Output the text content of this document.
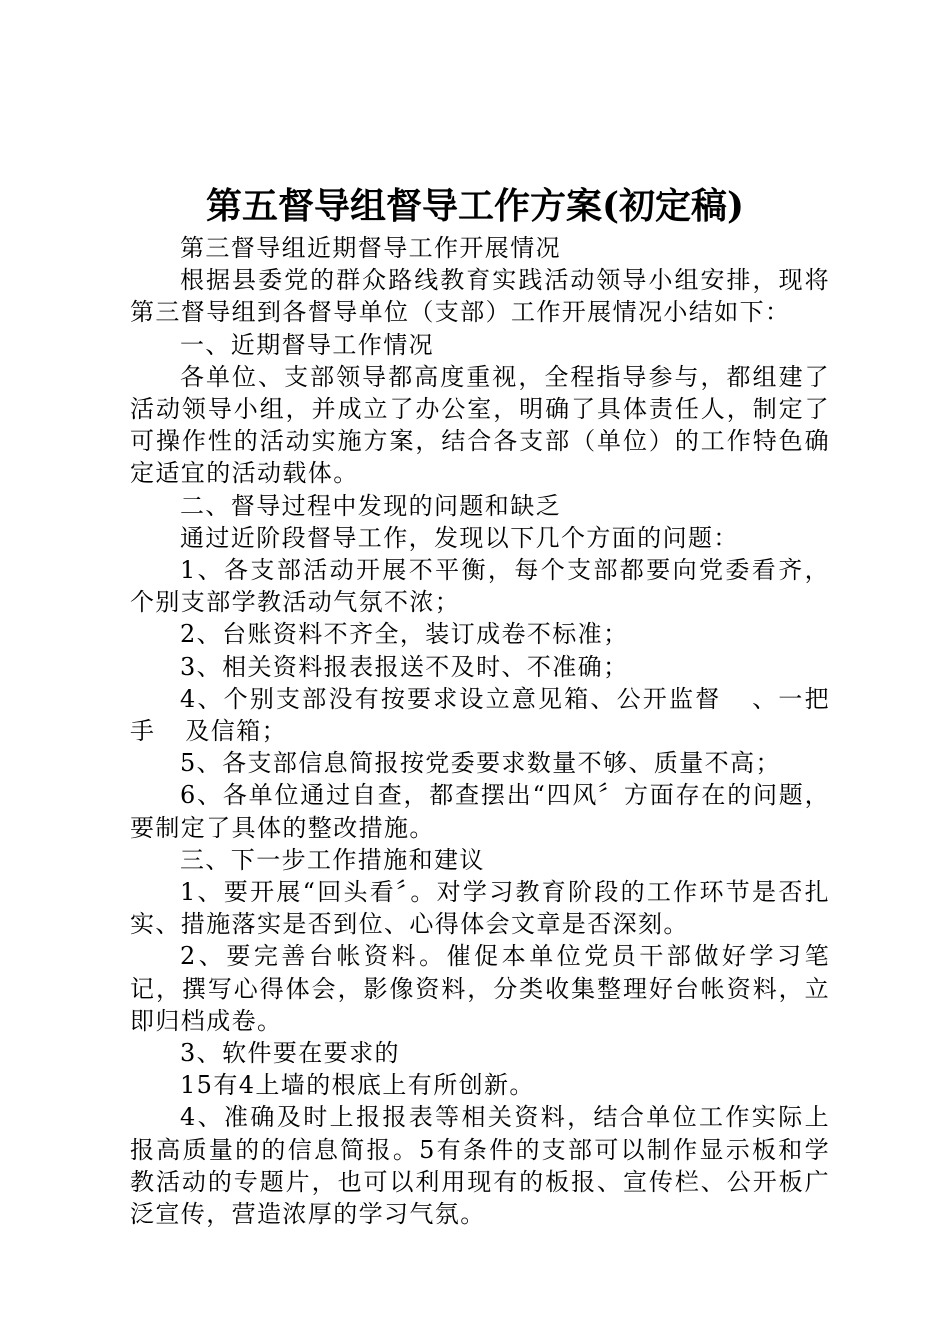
第五督导组督导工作方案(初定稿)

第三督导组近期督导工作开展情况

根据县委党的群众路线教育实践活动领导小组安排，现将第三督导组到各督导单位（支部）工作开展情况小结如下：

一、近期督导工作情况

各单位、支部领导都高度重视，全程指导参与，都组建了活动领导小组，并成立了办公室，明确了具体责任人，制定了可操作性的活动实施方案，结合各支部（单位）的工作特色确定适宜的活动载体。

二、督导过程中发现的问题和缺乏

通过近阶段督导工作，发现以下几个方面的问题：

1、各支部活动开展不平衡，每个支部都要向党委看齐，个别支部学教活动气氛不浓；

2、台账资料不齐全，装订成卷不标准；

3、相关资料报表报送不及时、不准确；

4、个别支部没有按要求设立意见箱、公开监督 、一把手 及信箱；

5、各支部信息简报按党委要求数量不够、质量不高；

6、各单位通过自查，都查摆出“四风〞方面存在的问题，要制定了具体的整改措施。

三、下一步工作措施和建议

1、要开展“回头看〞。对学习教育阶段的工作环节是否扎实、措施落实是否到位、心得体会文章是否深刻。

2、要完善台帐资料。催促本单位党员干部做好学习笔记，撰写心得体会，影像资料，分类收集整理好台帐资料，立即归档成卷。

3、软件要在要求的

15有4上墙的根底上有所创新。

4、准确及时上报报表等相关资料，结合单位工作实际上报高质量的的信息简报。5有条件的支部可以制作显示板和学教活动的专题片，也可以利用现有的板报、宣传栏、公开板广泛宣传，营造浓厚的学习气氛。
